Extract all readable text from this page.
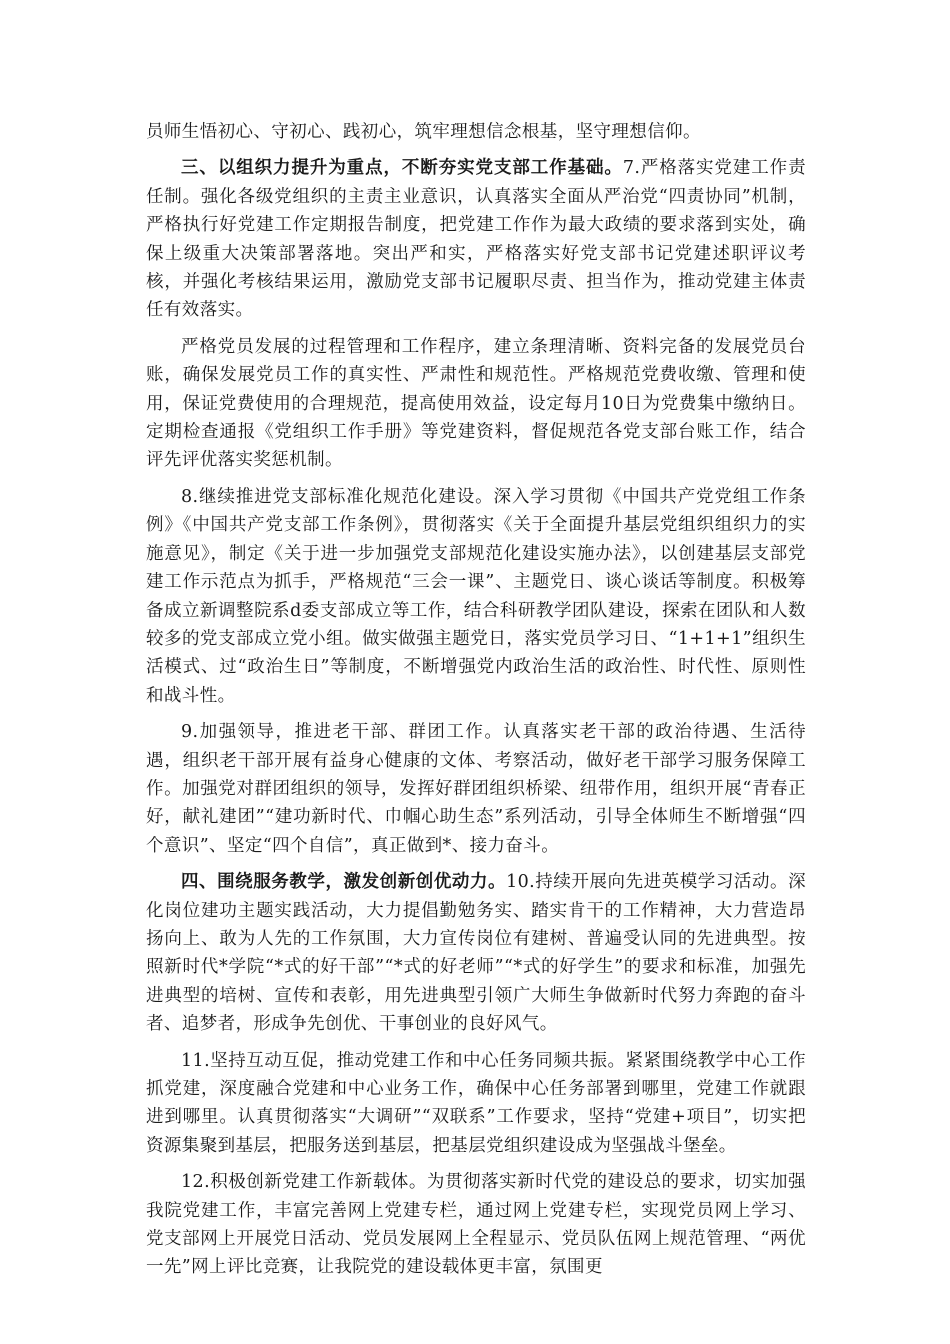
员师生悟初心、守初心、践初心，筑牢理想信念根基，坚守理想信仰。

三、以组织力提升为重点，不断夯实党支部工作基础。7.严格落实党建工作责任制。强化各级党组织的主责主业意识，认真落实全面从严治党“四责协同”机制，严格执行好党建工作定期报告制度，把党建工作作为最大政绩的要求落到实处，确保上级重大决策部署落地。突出严和实，严格落实好党支部书记党建述职评议考核，并强化考核结果运用，激励党支部书记履职尽责、担当作为，推动党建主体责任有效落实。

严格党员发展的过程管理和工作程序，建立条理清晰、资料完备的发展党员台账，确保发展党员工作的真实性、严肃性和规范性。严格规范党费收缴、管理和使用，保证党费使用的合理规范，提高使用效益，设定每月10日为党费集中缴纳日。定期检查通报《党组织工作手册》等党建资料，督促规范各党支部台账工作，结合评先评优落实奖惩机制。

8.继续推进党支部标准化规范化建设。深入学习贯彻《中国共产党党组工作条例》《中国共产党支部工作条例》，贯彻落实《关于全面提升基层党组织组织力的实施意见》，制定《关于进一步加强党支部规范化建设实施办法》，以创建基层支部党建工作示范点为抓手，严格规范“三会一课”、主题党日、谈心谈话等制度。积极筹备成立新调整院系d委支部成立等工作，结合科研教学团队建设，探索在团队和人数较多的党支部成立党小组。做实做强主题党日，落实党员学习日、“1+1+1”组织生活模式、过“政治生日”等制度，不断增强党内政治生活的政治性、时代性、原则性和战斗性。

9.加强领导，推进老干部、群团工作。认真落实老干部的政治待遇、生活待遇，组织老干部开展有益身心健康的文体、考察活动，做好老干部学习服务保障工作。加强党对群团组织的领导，发挥好群团组织桥梁、纽带作用，组织开展“青春正好，献礼建团”“建功新时代、巾帼心助生态”系列活动，引导全体师生不断增强“四个意识”、坚定“四个自信”，真正做到*、接力奋斗。

四、围绕服务教学，激发创新创优动力。10.持续开展向先进英模学习活动。深化岗位建功主题实践活动，大力提倡勤勉务实、踏实肯干的工作精神，大力营造昂扬向上、敢为人先的工作氛围，大力宣传岗位有建树、普遍受认同的先进典型。按照新时代*学院“*式的好干部”“*式的好老师”“*式的好学生”的要求和标准，加强先进典型的培树、宣传和表彰，用先进典型引领广大师生争做新时代努力奔跑的奋斗者、追梦者，形成争先创优、干事创业的良好风气。

11.坚持互动互促，推动党建工作和中心任务同频共振。紧紧围绕教学中心工作抓党建，深度融合党建和中心业务工作，确保中心任务部署到哪里，党建工作就跟进到哪里。认真贯彻落实“大调研”“双联系”工作要求，坚持“党建+项目”，切实把资源集聚到基层，把服务送到基层，把基层党组织建设成为坚强战斗堡垒。

12.积极创新党建工作新载体。为贯彻落实新时代党的建设总的要求，切实加强我院党建工作，丰富完善网上党建专栏，通过网上党建专栏，实现党员网上学习、党支部网上开展党日活动、党员发展网上全程显示、党员队伍网上规范管理、“两优一先”网上评比竞赛，让我院党的建设载体更丰富，氛围更
